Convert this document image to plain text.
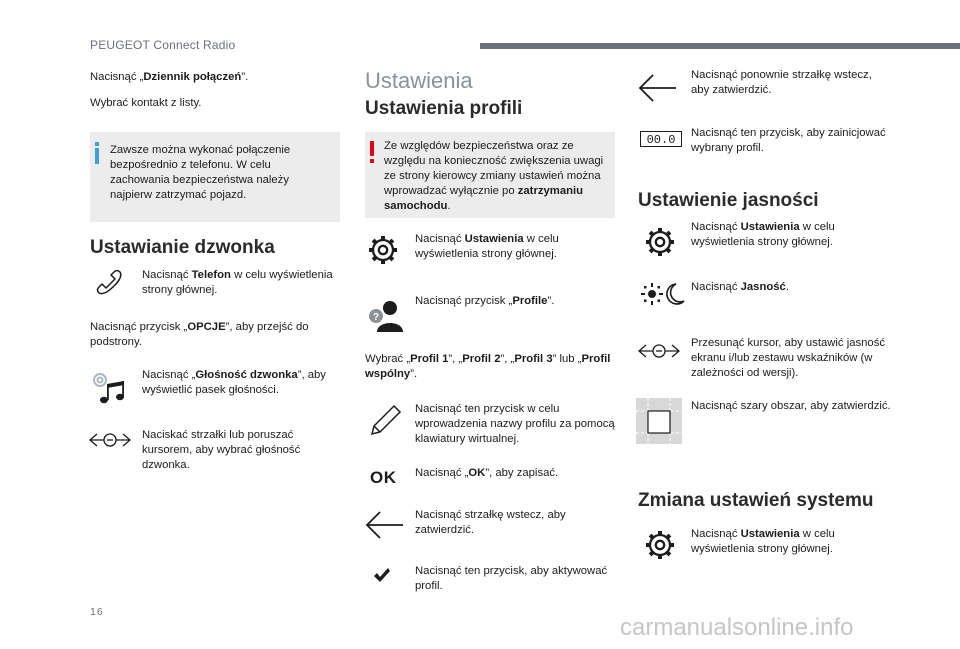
PEUGEOT Connect Radio
Nacisnąć „Dziennik połączeń”.
Wybrać kontakt z listy.
Zawsze można wykonać połączenie bezpośrednio z telefonu. W celu zachowania bezpieczeństwa należy najpierw zatrzymać pojazd.
Ustawianie dzwonka
Nacisnąć Telefon w celu wyświetlenia strony głównej.
Nacisnąć przycisk „OPCJE”, aby przejść do podstrony.
Nacisnąć „Głośność dzwonka”, aby wyświetlić pasek głośności.
Naciskać strzałki lub poruszać kursorem, aby wybrać głośność dzwonka.
Ustawienia
Ustawienia profili
Ze względów bezpieczeństwa oraz ze względu na konieczność zwiększenia uwagi ze strony kierowcy zmiany ustawień można wprowadzać wyłącznie po zatrzymaniu samochodu.
Nacisnąć Ustawienia w celu wyświetlenia strony głównej.
?
Nacisnąć przycisk „Profile”.
Wybrać „Profil 1”, „Profil 2”, „Profil 3” lub „Profil wspólny”.
Nacisnąć ten przycisk w celu wprowadzenia nazwy profilu za pomocą klawiatury wirtualnej.
OK Nacisnąć „OK”, aby zapisać.
Nacisnąć strzałkę wstecz, aby zatwierdzić.
Nacisnąć ten przycisk, aby aktywować profil.
Nacisnąć ponownie strzałkę wstecz, aby zatwierdzić.
00.0	Nacisnąć ten przycisk, aby zainicjować wybrany profil.
Ustawienie jasności
Nacisnąć Ustawienia w celu wyświetlenia strony głównej.
Nacisnąć Jasność.
Przesunąć kursor, aby ustawić jasność ekranu i/lub zestawu wskaźników (w zależności od wersji).
Nacisnąć szary obszar, aby zatwierdzić.
Zmiana ustawień systemu
Nacisnąć Ustawienia w celu wyświetlenia strony głównej.
16
carmanualsonline.info
